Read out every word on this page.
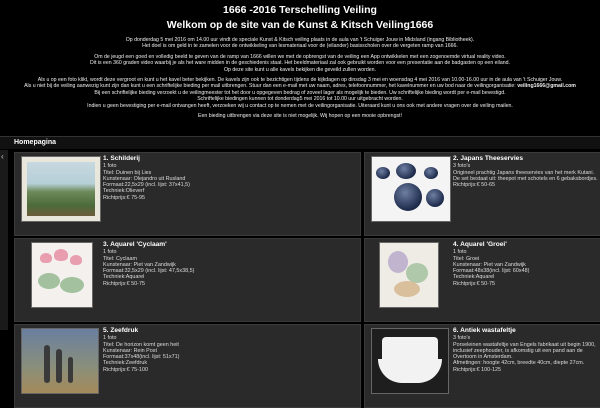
1666 -2016 Terschelling Veiling
Welkom op de site van de Kunst & Kitsch Veiling1666

Op donderdag 5 mei 2016 om 14.00 uur vindt de speciale Kunst & Kitsch veiling plaats in de aula van 't Schuiger Jouw in Midsland (ingang Bibliotheek).
Het doel is om geld in te zamelen voor de ontwikkeling van lesmateriaal voor de (eilander) basisscholen over de vergeten ramp van 1666.

Om de jeugd een goed en volledig beeld te geven van de ramp van 1666 willen we met de opbrengst van de veiling een App ontwikkelen met een zogenoemde virtual reality video.
Dit is een 360 graden video waarbij je als het ware midden in de geschiedenis staat. Het beeldmateriaal zal ook gebruikt worden voor een presentatie aan de badgasten op een eiland.
Op deze site kunt u alle kavels bekijken die geveild zullen worden.

Als u op een foto klikt, wordt deze vergroot en kunt u het kavel beter bekijken. De kavels zijn ook te bezichtigen tijdens de kijkdagen op dinsdag 3 mei en woensdag 4 mei 2016 van 10.00-16.00 uur in de aula van 't Schuiger Jouw.
Als u niet bij de veiling aanwezig kunt zijn dan kunt u een schriftelijke bieding per mail uitbrengen. Stuur dan een e-mail met uw naam, adres, telefoonnummer, het kavelnummer en uw bod naar de veilingorganisatie: veiling1666@gmail.com
Bij een schriftelijke bieding verzoekt u de veilingmeester tot het door u opgegeven bedrag of zoveel lager als mogelijk te bieden. Uw schriftelijke bieding wordt per e-mail bevestigd.
Schriftelijke biedingen kunnen tot donderdag5 mei 2016 tot 10.00 uur uitgebracht worden.
Indien u geen bevestiging per e-mail ontvangen heeft, verzoeken wij u contact op te nemen met de veilingorganisatie. Uiteraard kunt u ons ook met andere vragen over de veiling mailen.

Een bieding uitbrengen via deze site is niet mogelijk. Wij hopen op een mooie opbrengst!

Homepagina
‹	1. Schilderij
1 foto
Titel: Duinen bij Lies
Kunstenaar: Olejandro uit Rusland
Formaat:22,5x29 (incl. lijst: 37x41,5)
Techniek:Olieverf
Richtprijs:€ 75-95
2. Japans Theeservies
3 foto's
Origineel prachtig Japans theeservies van het merk Kutani. De set bestaat uit: theepot met schotels en 6 gebaksbordjes.
Richtprijs:€ 50-65
3. Aquarel 'Cyclaam'
1 foto
Titel: Cyclaam
Kunstenaar: Piet van Zandwijk
Formaat:32,5x29 (incl. lijst: 47,5x38,5)
Techniek:Aquarel
Richtprijs:€ 50-75
4. Aquarel 'Groei'
1 foto
Titel: Groei
Kunstenaar: Piet van Zandwijk
Formaat:48x38(incl. lijst: 60x48)
Techniek:Aquarel
Richtprijs:€ 50-75
5. Zeefdruk
1 foto
Titel: De horizon komt geen heit
Kunstenaar: Rein Post
Formaat:37x48(incl. lijst: 51x71)
Techniek:Zeefdruk
Richtprijs:€ 75-100
6. Antiek wastafeltje
3 foto's
Porseleinen wastafeltje van Engels fabrikaat uit begin 1900, inclusief zeephouder, is afkomstig uit een pand aan de Overtoom in Amsterdam.
Afmetingen: hoogte 42cm, breedte 40cm, diepte 27cm.
Richtprijs:€ 100-125
